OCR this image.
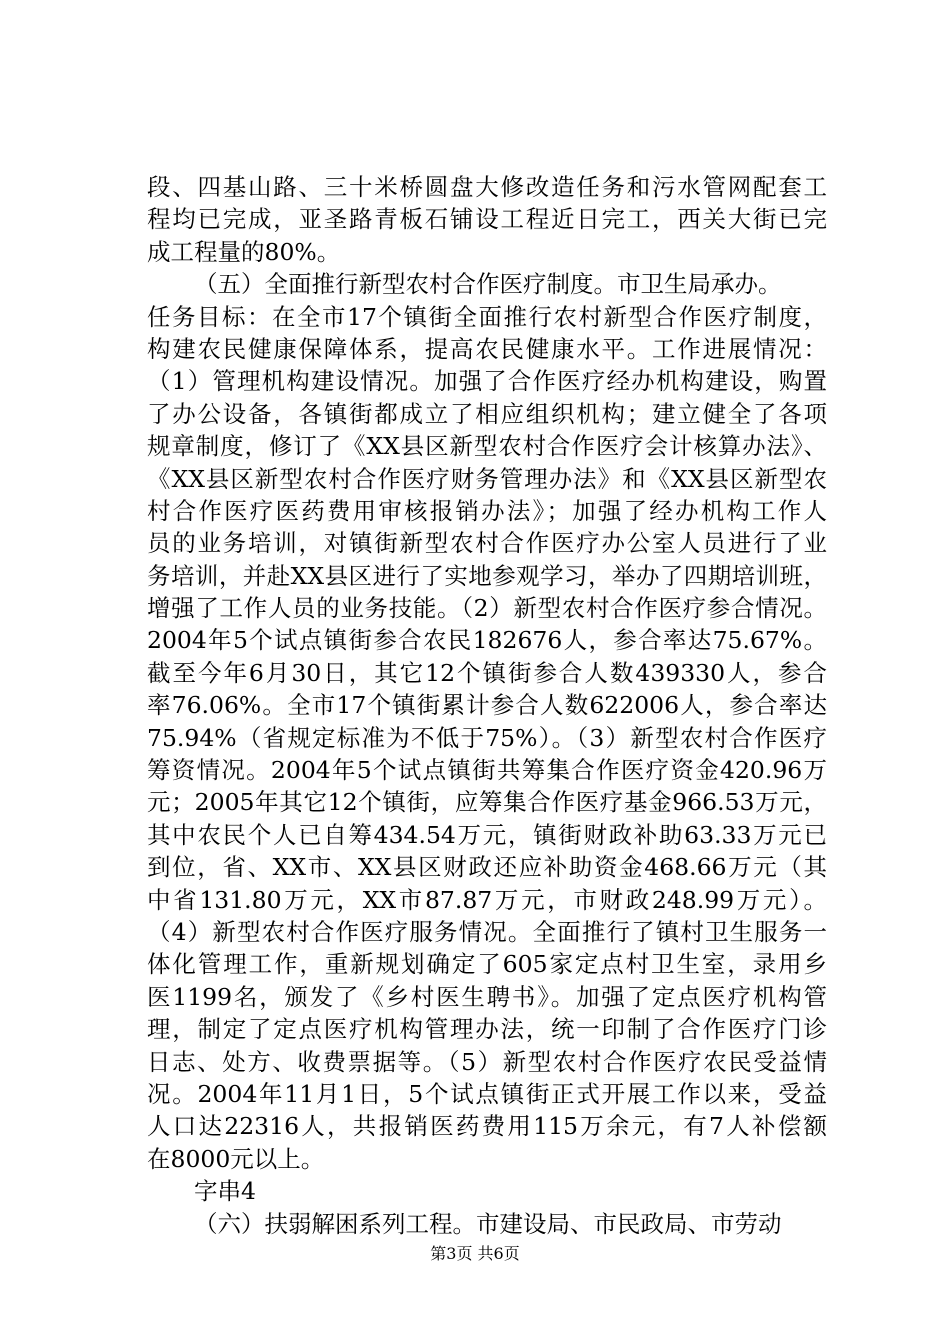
段、四基山路、三十米桥圆盘大修改造任务和污水管网配套工
程均已完成，亚圣路青板石铺设工程近日完工，西关大街已完
成工程量的80%。
（五）全面推行新型农村合作医疗制度。市卫生局承办。
任务目标：在全市17个镇街全面推行农村新型合作医疗制度，
构建农民健康保障体系，提高农民健康水平。工作进展情况：
（1）管理机构建设情况。加强了合作医疗经办机构建设，购置
了办公设备，各镇街都成立了相应组织机构；建立健全了各项
规章制度，修订了《XX县区新型农村合作医疗会计核算办法》、
《XX县区新型农村合作医疗财务管理办法》和《XX县区新型农
村合作医疗医药费用审核报销办法》；加强了经办机构工作人
员的业务培训，对镇街新型农村合作医疗办公室人员进行了业
务培训，并赴XX县区进行了实地参观学习，举办了四期培训班，
增强了工作人员的业务技能。（2）新型农村合作医疗参合情况。
2004年5个试点镇街参合农民182676人，参合率达75.67%。
截至今年6月30日，其它12个镇街参合人数439330人，参合
率76.06%。全市17个镇街累计参合人数622006人，参合率达
75.94%（省规定标准为不低于75%）。（3）新型农村合作医疗
筹资情况。2004年5个试点镇街共筹集合作医疗资金420.96万
元；2005年其它12个镇街，应筹集合作医疗基金966.53万元，
其中农民个人已自筹434.54万元，镇街财政补助63.33万元已
到位，省、XX市、XX县区财政还应补助资金468.66万元（其
中省131.80万元，XX市87.87万元，市财政248.99万元）。
（4）新型农村合作医疗服务情况。全面推行了镇村卫生服务一
体化管理工作，重新规划确定了605家定点村卫生室，录用乡
医1199名，颁发了《乡村医生聘书》。加强了定点医疗机构管
理，制定了定点医疗机构管理办法，统一印制了合作医疗门诊
日志、处方、收费票据等。（5）新型农村合作医疗农民受益情
况。2004年11月1日，5个试点镇街正式开展工作以来，受益
人口达22316人，共报销医药费用115万余元，有7人补偿额
在8000元以上。
字串4
（六）扶弱解困系列工程。市建设局、市民政局、市劳动
第3页 共6页
